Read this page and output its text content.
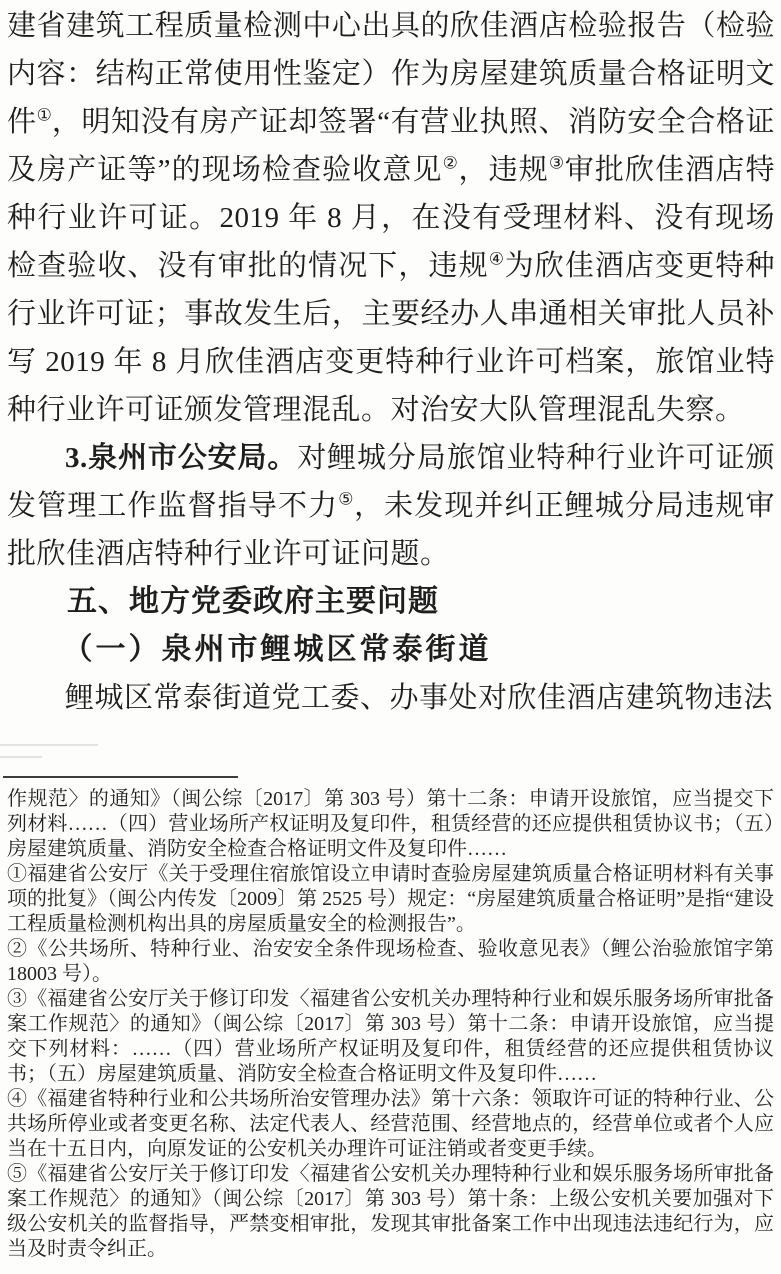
建省建筑工程质量检测中心出具的欣佳酒店检验报告（检验内容：结构正常使用性鉴定）作为房屋建筑质量合格证明文件①，明知没有房产证却签署“有营业执照、消防安全合格证及房产证等”的现场检查验收意见②，违规③审批欣佳酒店特种行业许可证。2019 年 8 月，在没有受理材料、没有现场检查验收、没有审批的情况下，违规④为欣佳酒店变更特种行业许可证；事故发生后，主要经办人串通相关审批人员补写 2019 年 8 月欣佳酒店变更特种行业许可档案，旅馆业特种行业许可证颁发管理混乱。对治安大队管理混乱失察。

3.泉州市公安局。对鲤城分局旅馆业特种行业许可证颁发管理工作监督指导不力⑤，未发现并纠正鲤城分局违规审批欣佳酒店特种行业许可证问题。

五、地方党委政府主要问题

（一）泉州市鲤城区常泰街道

鲤城区常泰街道党工委、办事处对欣佳酒店建筑物违法

作规范〉的通知》（闽公综〔2017〕第 303 号）第十二条：申请开设旅馆，应当提交下列材料……（四）营业场所产权证明及复印件，租赁经营的还应提供租赁协议书；（五）房屋建筑质量、消防安全检查合格证明文件及复印件……

①福建省公安厅《关于受理住宿旅馆设立申请时查验房屋建筑质量合格证明材料有关事项的批复》（闽公内传发〔2009〕第 2525 号）规定：“房屋建筑质量合格证明”是指“建设工程质量检测机构出具的房屋质量安全的检测报告”。

②《公共场所、特种行业、治安安全条件现场检查、验收意见表》（鲤公治验旅馆字第 18003 号）。

③《福建省公安厅关于修订印发〈福建省公安机关办理特种行业和娱乐服务场所审批备案工作规范〉的通知》（闽公综〔2017〕第 303 号）第十二条：申请开设旅馆，应当提交下列材料：……（四）营业场所产权证明及复印件，租赁经营的还应提供租赁协议书；（五）房屋建筑质量、消防安全检查合格证明文件及复印件……

④《福建省特种行业和公共场所治安管理办法》第十六条：领取许可证的特种行业、公共场所停业或者变更名称、法定代表人、经营范围、经营地点的，经营单位或者个人应当在十五日内，向原发证的公安机关办理许可证注销或者变更手续。

⑤《福建省公安厅关于修订印发〈福建省公安机关办理特种行业和娱乐服务场所审批备案工作规范〉的通知》（闽公综〔2017〕第 303 号）第十条：上级公安机关要加强对下级公安机关的监督指导，严禁变相审批，发现其审批备案工作中出现违法违纪行为，应当及时责令纠正。
